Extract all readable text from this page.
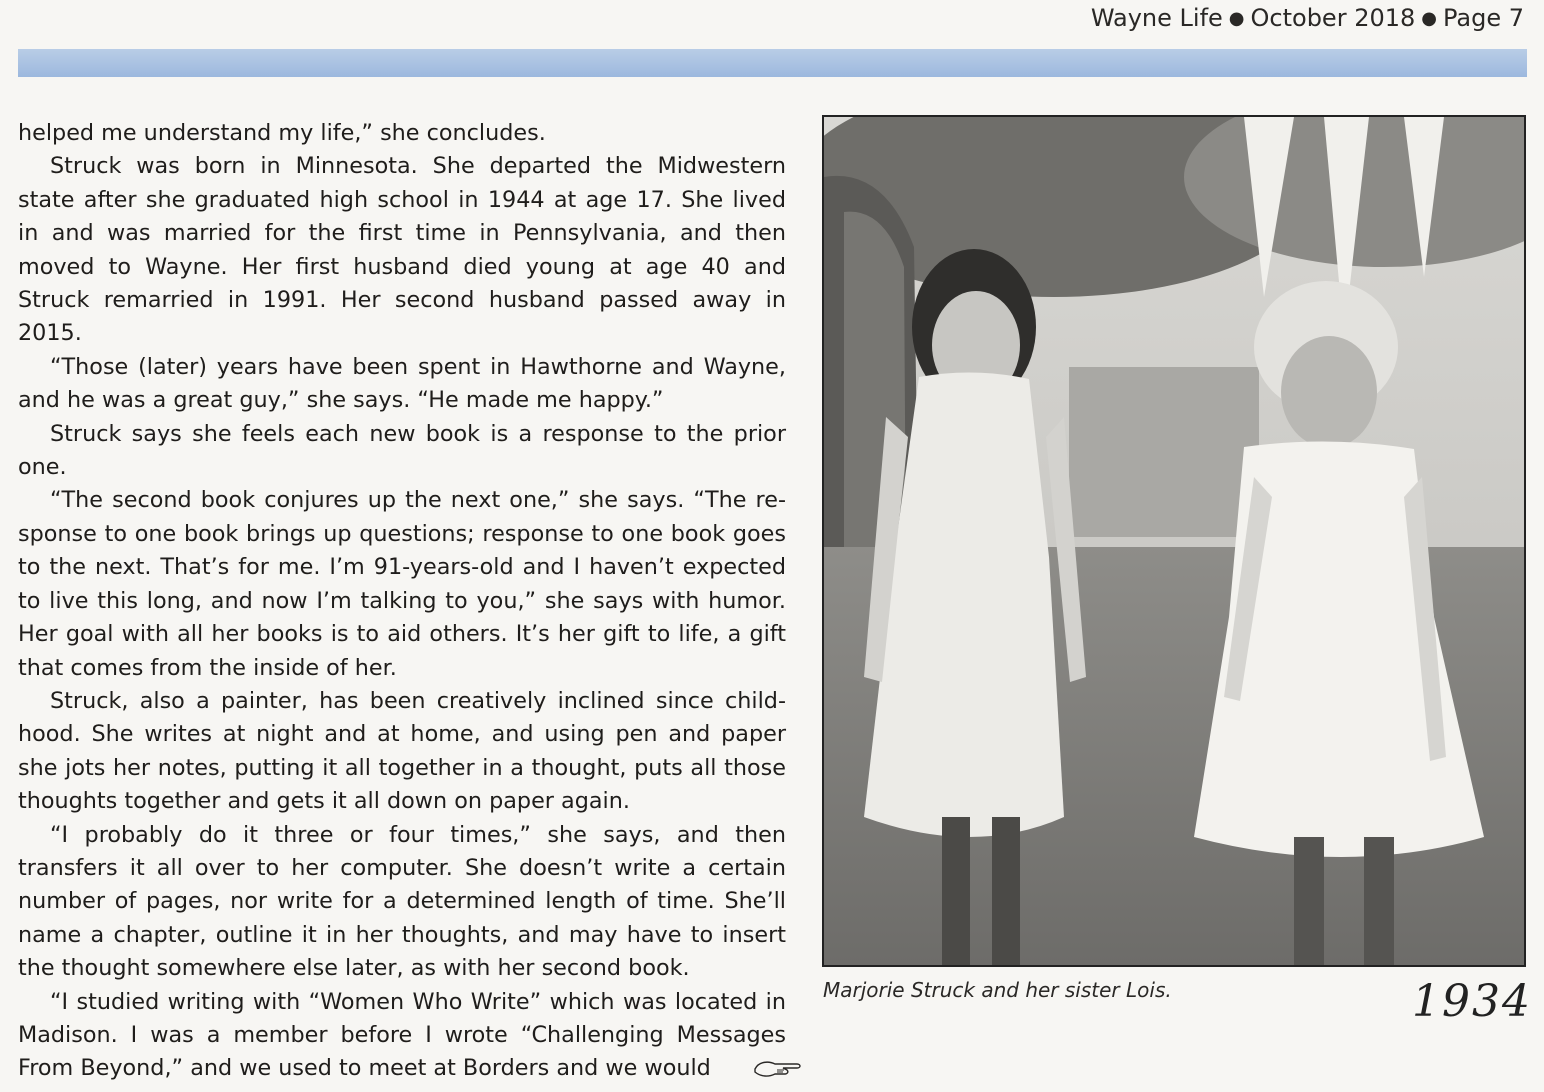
Wayne Life ● October 2018 ● Page 7

helped me understand my life,” she concludes.

Struck was born in Minnesota. She departed the Midwestern state after she graduated high school in 1944 at age 17. She lived in and was married for the first time in Pennsylvania, and then moved to Wayne. Her first husband died young at age 40 and Struck remarried in 1991. Her second husband passed away in 2015.

“Those (later) years have been spent in Hawthorne and Wayne, and he was a great guy,” she says. “He made me happy.”

Struck says she feels each new book is a response to the prior one.

“The second book conjures up the next one,” she says. “The response to one book brings up questions; response to one book goes to the next. That’s for me. I’m 91-years-old and I haven’t expected to live this long, and now I’m talking to you,” she says with humor. Her goal with all her books is to aid others. It’s her gift to life, a gift that comes from the inside of her.

Struck, also a painter, has been creatively inclined since childhood. She writes at night and at home, and using pen and paper she jots her notes, putting it all together in a thought, puts all those thoughts together and gets it all down on paper again.

“I probably do it three or four times,” she says, and then transfers it all over to her computer. She doesn’t write a certain number of pages, nor write for a determined length of time. She’ll name a chapter, outline it in her thoughts, and may have to insert the thought somewhere else later, as with her second book.

“I studied writing with “Women Who Write” which was located in Madison. I was a member before I wrote “Challenging Messages From Beyond,” and we used to meet at Borders and we would

Marjorie Struck and her sister Lois.	1934
